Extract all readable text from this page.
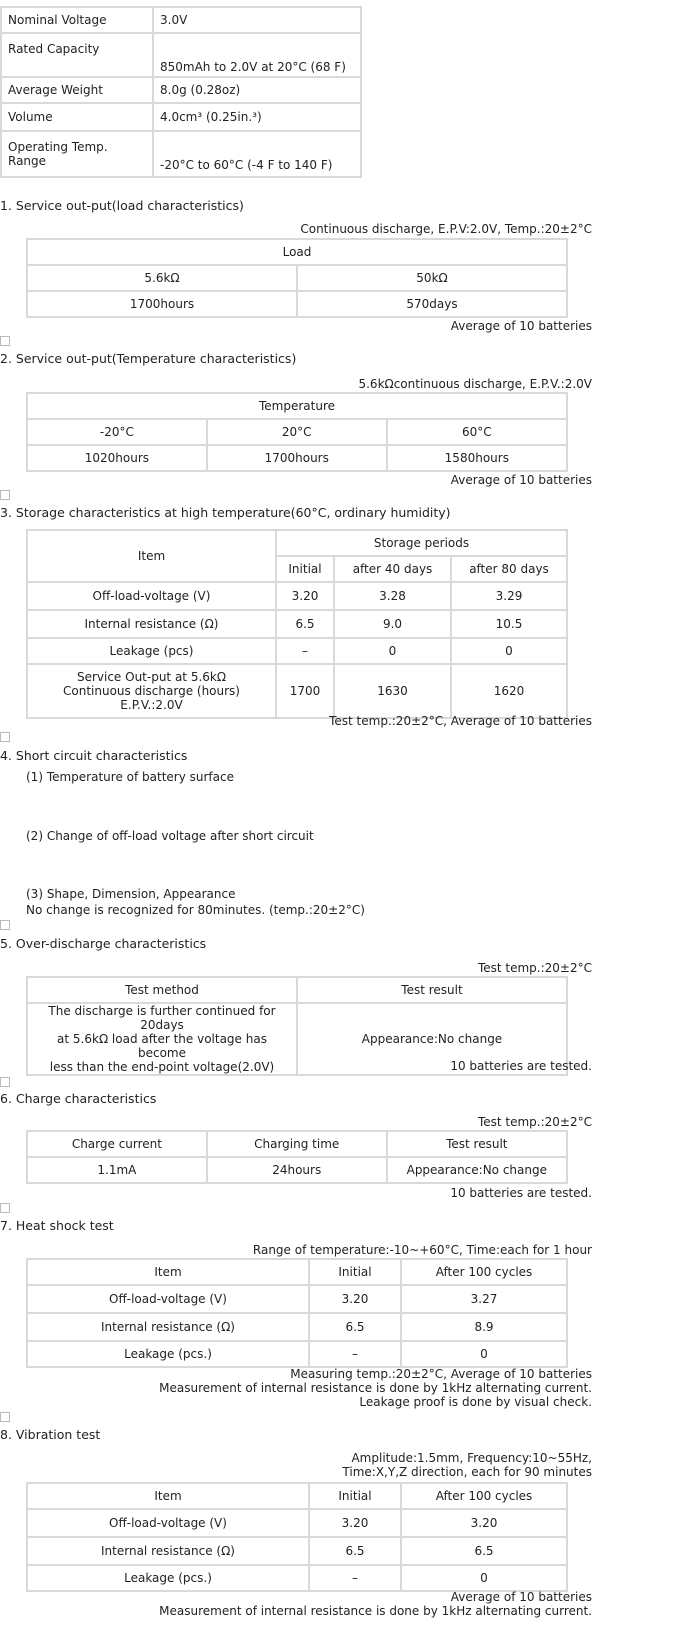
Nominal Voltage	3.0V
Rated Capacity	850mAh to 2.0V at 20°C (68 F)
Average Weight	8.0g (0.28oz)
Volume	4.0cm³ (0.25in.³)
Operating Temp. Range	-20°C to 60°C (-4 F to 140 F)
1. Service out-put(load characteristics)
Continuous discharge, E.P.V:2.0V, Temp.:20±2°C
Load	
5.6kΩ	50kΩ
1700hours	570days
Average of 10 batteries
2. Service out-put(Temperature characteristics)
5.6kΩcontinuous discharge, E.P.V.:2.0V
Temperature		
-20°C	20°C	60°C
1020hours	1700hours	1580hours
Average of 10 batteries
3. Storage characteristics at high temperature(60°C, ordinary humidity)
Item	Storage periods		
	Initial	after 40 days	after 80 days
Off-load-voltage (V)	3.20	3.28	3.29
Internal resistance (Ω)	6.5	9.0	10.5
Leakage (pcs)	–	0	0

Service Out-put at 5.6kΩ
Continuous discharge (hours)
E.P.V.:2.0V	1700	1630	1620
Test temp.:20±2°C, Average of 10 batteries
4. Short circuit characteristics
(1) Temperature of battery surface
(2) Change of off-load voltage after short circuit
(3) Shape, Dimension, Appearance
No change is recognized for 80minutes. (temp.:20±2°C)
5. Over-discharge characteristics
Test temp.:20±2°C
Test method	Test result

The discharge is further continued for 20days
at 5.6kΩ load after the voltage has become
less than the end-point voltage(2.0V)	Appearance:No change
10 batteries are tested.
6. Charge characteristics
Test temp.:20±2°C
Charge current	Charging time	Test result
1.1mA	24hours	Appearance:No change
10 batteries are tested.
7. Heat shock test
Range of temperature:-10~+60°C, Time:each for 1 hour
Item	Initial	After 100 cycles
Off-load-voltage (V)	3.20	3.27
Internal resistance (Ω)	6.5	8.9
Leakage (pcs.)	–	0
Measuring temp.:20±2°C, Average of 10 batteries
Measurement of internal resistance is done by 1kHz alternating current.
Leakage proof is done by visual check.
8. Vibration test
Amplitude:1.5mm, Frequency:10~55Hz,
Time:X,Y,Z direction, each for 90 minutes
Item	Initial	After 100 cycles
Off-load-voltage (V)	3.20	3.20
Internal resistance (Ω)	6.5	6.5
Leakage (pcs.)	–	0
Average of 10 batteries
Measurement of internal resistance is done by 1kHz alternating current.
